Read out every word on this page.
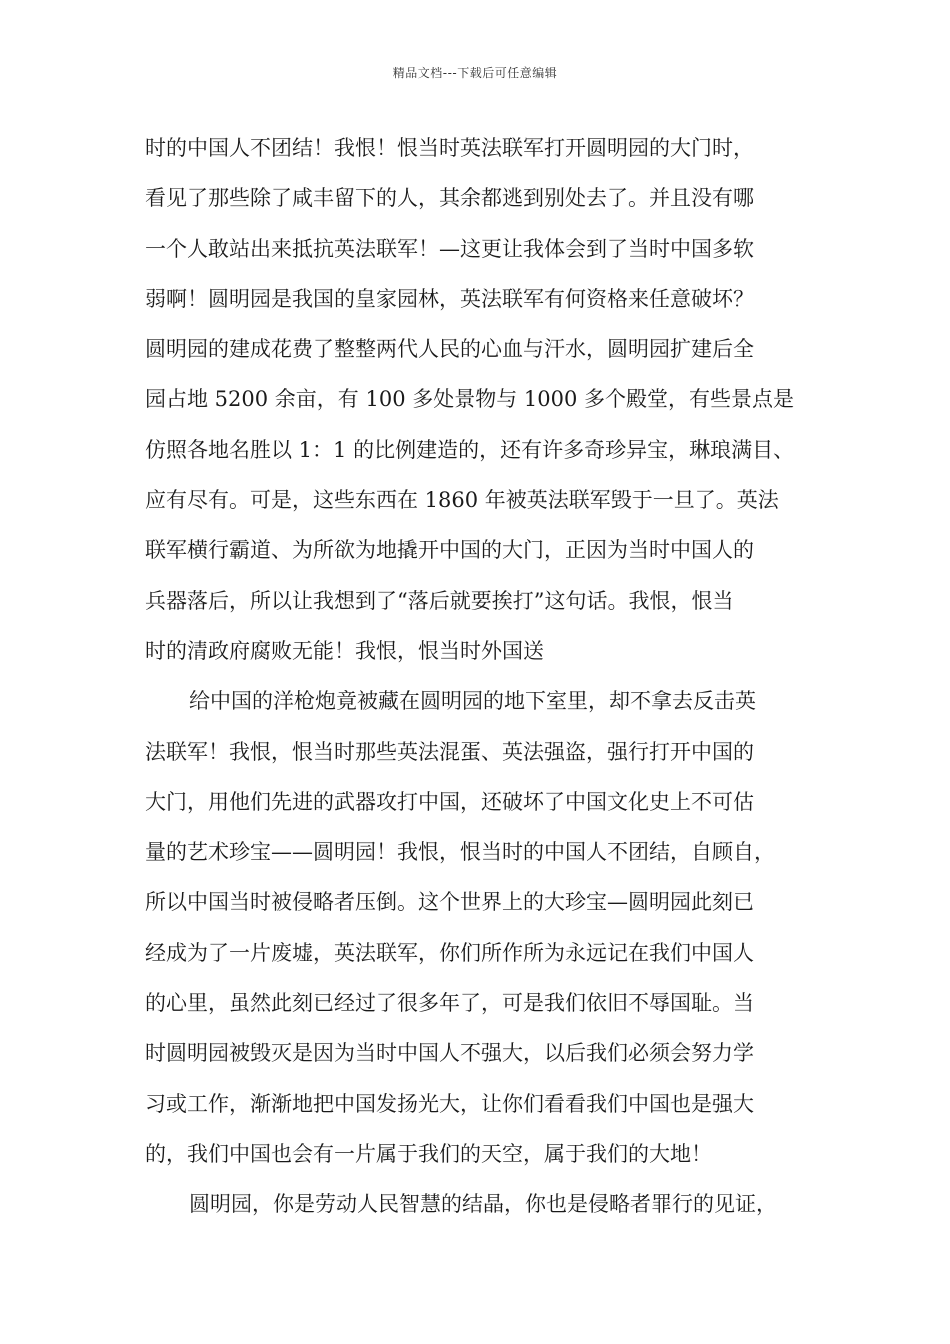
精品文档---下载后可任意编辑
时的中国人不团结！我恨！恨当时英法联军打开圆明园的大门时，
看见了那些除了咸丰留下的人，其余都逃到别处去了。并且没有哪
一个人敢站出来抵抗英法联军！—这更让我体会到了当时中国多软
弱啊！圆明园是我国的皇家园林，英法联军有何资格来任意破坏？
圆明园的建成花费了整整两代人民的心血与汗水，圆明园扩建后全
园占地 5200 余亩，有 100 多处景物与 1000 多个殿堂，有些景点是
仿照各地名胜以 1：1 的比例建造的，还有许多奇珍异宝，琳琅满目、
应有尽有。可是，这些东西在 1860 年被英法联军毁于一旦了。英法
联军横行霸道、为所欲为地撬开中国的大门，正因为当时中国人的
兵器落后，所以让我想到了“落后就要挨打”这句话。我恨，恨当
时的清政府腐败无能！我恨，恨当时外国送
给中国的洋枪炮竟被藏在圆明园的地下室里，却不拿去反击英
法联军！我恨，恨当时那些英法混蛋、英法强盗，强行打开中国的
大门，用他们先进的武器攻打中国，还破坏了中国文化史上不可估
量的艺术珍宝——圆明园！我恨，恨当时的中国人不团结，自顾自，
所以中国当时被侵略者压倒。这个世界上的大珍宝—圆明园此刻已
经成为了一片废墟，英法联军，你们所作所为永远记在我们中国人
的心里，虽然此刻已经过了很多年了，可是我们依旧不辱国耻。当
时圆明园被毁灭是因为当时中国人不强大，以后我们必须会努力学
习或工作，渐渐地把中国发扬光大，让你们看看我们中国也是强大
的，我们中国也会有一片属于我们的天空，属于我们的大地！
圆明园，你是劳动人民智慧的结晶，你也是侵略者罪行的见证，
